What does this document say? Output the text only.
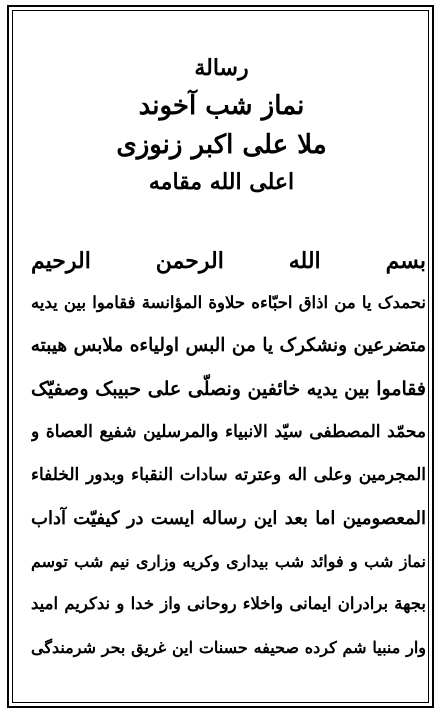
رسالة
نماز شب آخوند
ملا علی اکبر زنوزی
اعلی الله مقامه
بسم الله الرحمن الرحیم
نحمدک یا من اذاق احبّاءه حلاوة المؤانسة فقاموا بین یدیه
متضرعین ونشکرک یا من البس اولیاءه ملابس هیبته
فقاموا بین یدیه خائفین ونصلّی علی حبیبک وصفیّک
محمّد المصطفی سیّد الانبیاء والمرسلین شفیع العصاة و
المجرمین وعلی اله وعترته سادات النقباء وبدور الخلفاء
المعصومین اما بعد این رساله ایست در کیفیّت آداب
نماز شب و فوائد شب بیداری وکریه وزاری نیم شب توسم
بجهة برادران ایمانی واخلاء روحانی واز خدا و ندکریم امید
وار منبیا شم کرده صحیفه حسنات این غریق بحر شرمندگی
